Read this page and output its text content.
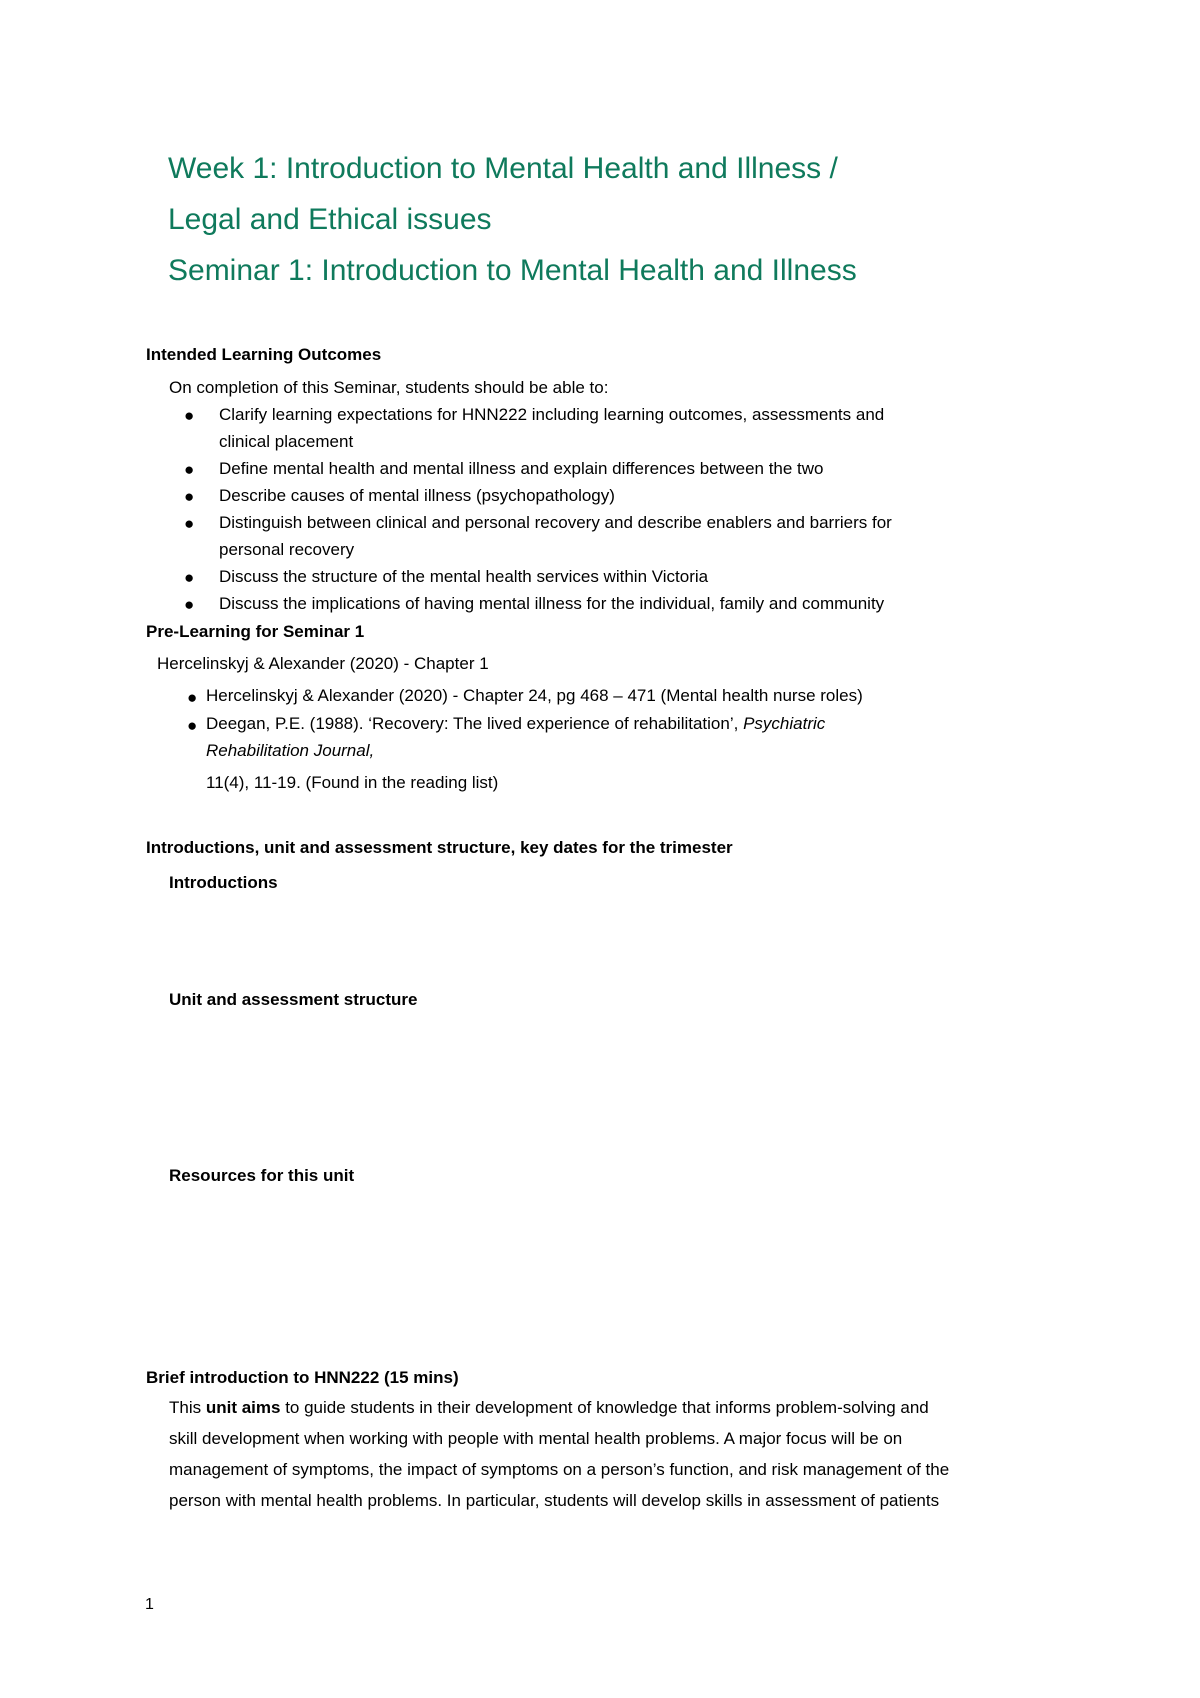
Week 1: Introduction to Mental Health and Illness /
Legal and Ethical issues
Seminar 1: Introduction to Mental Health and Illness
Intended Learning Outcomes
On completion of this Seminar, students should be able to:
● Clarify learning expectations for HNN222 including learning outcomes, assessments and
clinical placement
● Define mental health and mental illness and explain differences between the two
● Describe causes of mental illness (psychopathology)
● Distinguish between clinical and personal recovery and describe enablers and barriers for
personal recovery
● Discuss the structure of the mental health services within Victoria
● Discuss the implications of having mental illness for the individual, family and community
Pre-Learning for Seminar 1
Hercelinskyj & Alexander (2020) - Chapter 1
● Hercelinskyj & Alexander (2020) - Chapter 24, pg 468 – 471 (Mental health nurse roles)
● Deegan, P.E. (1988). ‘Recovery: The lived experience of rehabilitation’, Psychiatric
Rehabilitation Journal,
11(4), 11-19. (Found in the reading list)
Introductions, unit and assessment structure, key dates for the trimester
Introductions
Unit and assessment structure
Resources for this unit
Brief introduction to HNN222 (15 mins)
This unit aims to guide students in their development of knowledge that informs problem-solving and skill development when working with people with mental health problems. A major focus will be on management of symptoms, the impact of symptoms on a person’s function, and risk management of the person with mental health problems. In particular, students will develop skills in assessment of patients
1
